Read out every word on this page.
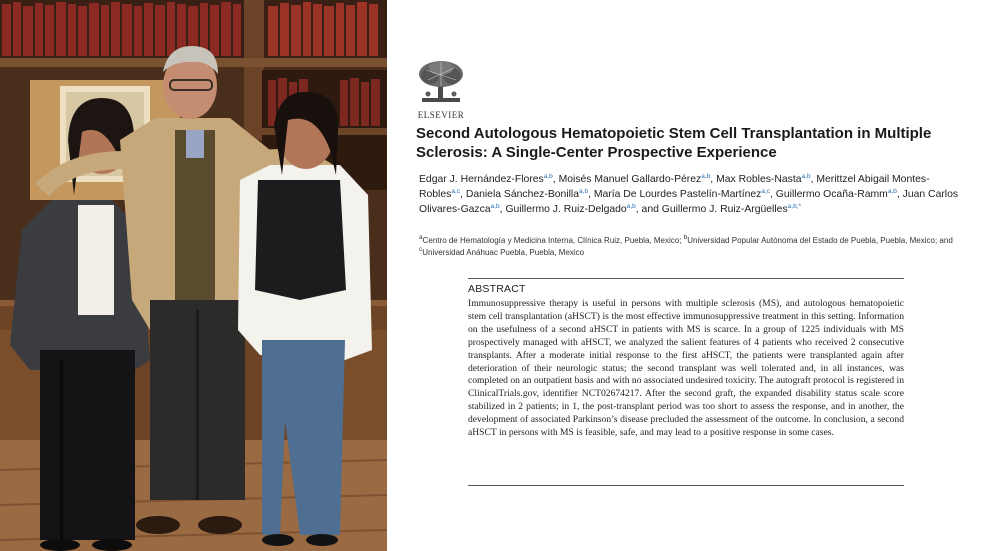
ELSEVIER
Second Autologous Hematopoietic Stem Cell Transplantation in Multiple Sclerosis: A Single-Center Prospective Experience
Edgar J. Hernández-Flores$^{a,b}$, Moisés Manuel Gallardo-Pérez$^{a,b}$, Max Robles-Nasta$^{a,b}$, Merittzel Abigail Montes-Robles$^{a,c}$, Daniela Sánchez-Bonilla$^{a,b}$, María De Lourdes Pastelín-Martínez$^{a,c}$, Guillermo Ocaña-Ramm$^{a,b}$, Juan Carlos Olivares-Gazca$^{a,b}$, Guillermo J. Ruiz-Delgado$^{a,b}$, and Guillermo J. Ruiz-Argüelles$^{a,b,*}$
$^a$Centro de Hematología y Medicina Interna, Clínica Ruiz, Puebla, Mexico; $^b$Universidad Popular Autónoma del Estado de Puebla, Puebla, Mexico; and $^c$Universidad Anáhuac Puebla, Puebla, Mexico
ABSTRACT

Immunosuppressive therapy is useful in persons with multiple sclerosis (MS), and autologous hematopoietic stem cell transplantation (aHSCT) is the most effective immunosuppressive treatment in this setting. Information on the usefulness of a second aHSCT in patients with MS is scarce. In a group of 1225 individuals with MS prospectively managed with aHSCT, we analyzed the salient features of 4 patients who received 2 consecutive transplants. After a moderate initial response to the first aHSCT, the patients were transplanted again after deterioration of their neurologic status; the second transplant was well tolerated and, in all instances, was completed on an outpatient basis and with no associated undesired toxicity. The autograft protocol is registered in ClinicalTrials.gov, identifier NCT02674217. After the second graft, the expanded disability status scale score stabilized in 2 patients; in 1, the post-transplant period was too short to assess the response, and in another, the development of associated Parkinson’s disease precluded the assessment of the outcome. In conclusion, a second aHSCT in persons with MS is feasible, safe, and may lead to a positive response in some cases.
